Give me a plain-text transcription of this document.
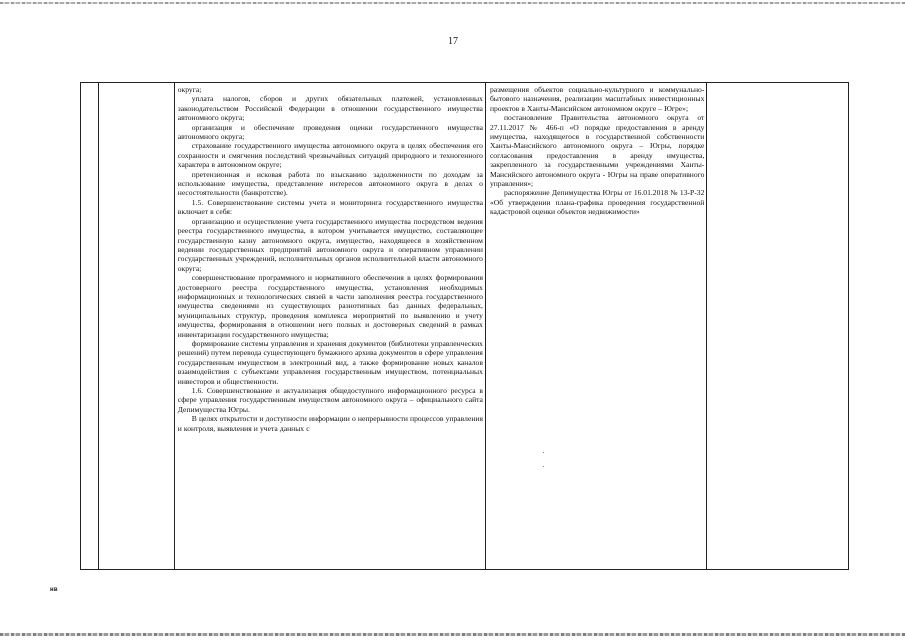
17

округа;

уплата налогов, сборов и других обязательных платежей, установленных законодательством Российской Федерации в отношении государственного имущества автономного округа;

организация и обеспечение проведения оценки государственного имущества автономного округа;

страхование государственного имущества автономного округа в целях обеспечения его сохранности и смягчения последствий чрезвычайных ситуаций природного и техногенного характера в автономном округе;

претензионная и исковая работа по взысканию задолженности по доходам за использование имущества, представление интересов автономного округа в делах о несостоятельности (банкротстве).

1.5. Совершенствование системы учета и мониторинга государственного имущества включает в себя:

организацию и осуществление учета государственного имущества посредством ведения реестра государственного имущества, в котором учитывается имущество, составляющее государственную казну автономного округа, имущество, находящееся в хозяйственном ведении государственных предприятий автономного округа и оперативном управлении государственных учреждений, исполнительных органов исполнительной власти автономного округа;

совершенствование программного и нормативного обеспечения в целях формирования достоверного реестра государственного имущества, установления необходимых информационных и технологических связей в части заполнения реестра государственного имущества сведениями из существующих разнотипных баз данных федеральных, муниципальных структур, проведения комплекса мероприятий по выявлению и учету имущества, формирования в отношении него полных и достоверных сведений в рамках инвентаризации государственного имущества;

формирование системы управления и хранения документов (библиотеки управленческих решений) путем перевода существующего бумажного архива документов в сфере управления государственным имуществом в электронный вид, а также формирование новых каналов взаимодействия с субъектами управления государственным имуществом, потенциальных инвесторов и общественности.

1.6. Совершенствование и актуализация общедоступного информационного ресурса в сфере управления государственным имуществом автономного округа – официального сайта Депимущества Югры.

В целях открытости и доступности информации о непрерывности процессов управления и контроля, выявления и учета данных с

размещения объектов социально-культурного и коммунально-бытового назначения, реализации масштабных инвестиционных проектов в Ханты-Мансийском автономном округе – Югре»;

постановление Правительства автономного округа от 27.11.2017 № 466-п «О порядке предоставления в аренду имущества, находящегося в государственной собственности Ханты-Мансийского автономного округа – Югры, порядке согласования предоставления в аренду имущества, закрепленного за государственными учреждениями Ханты-Мансийского автономного округа - Югры на праве оперативного управления»;

распоряжение Депимущества Югры от 16.01.2018 № 13-Р-32 «Об утверждении плана-графика проведения государственной кадастровой оценки объектов недвижимости»

нв
